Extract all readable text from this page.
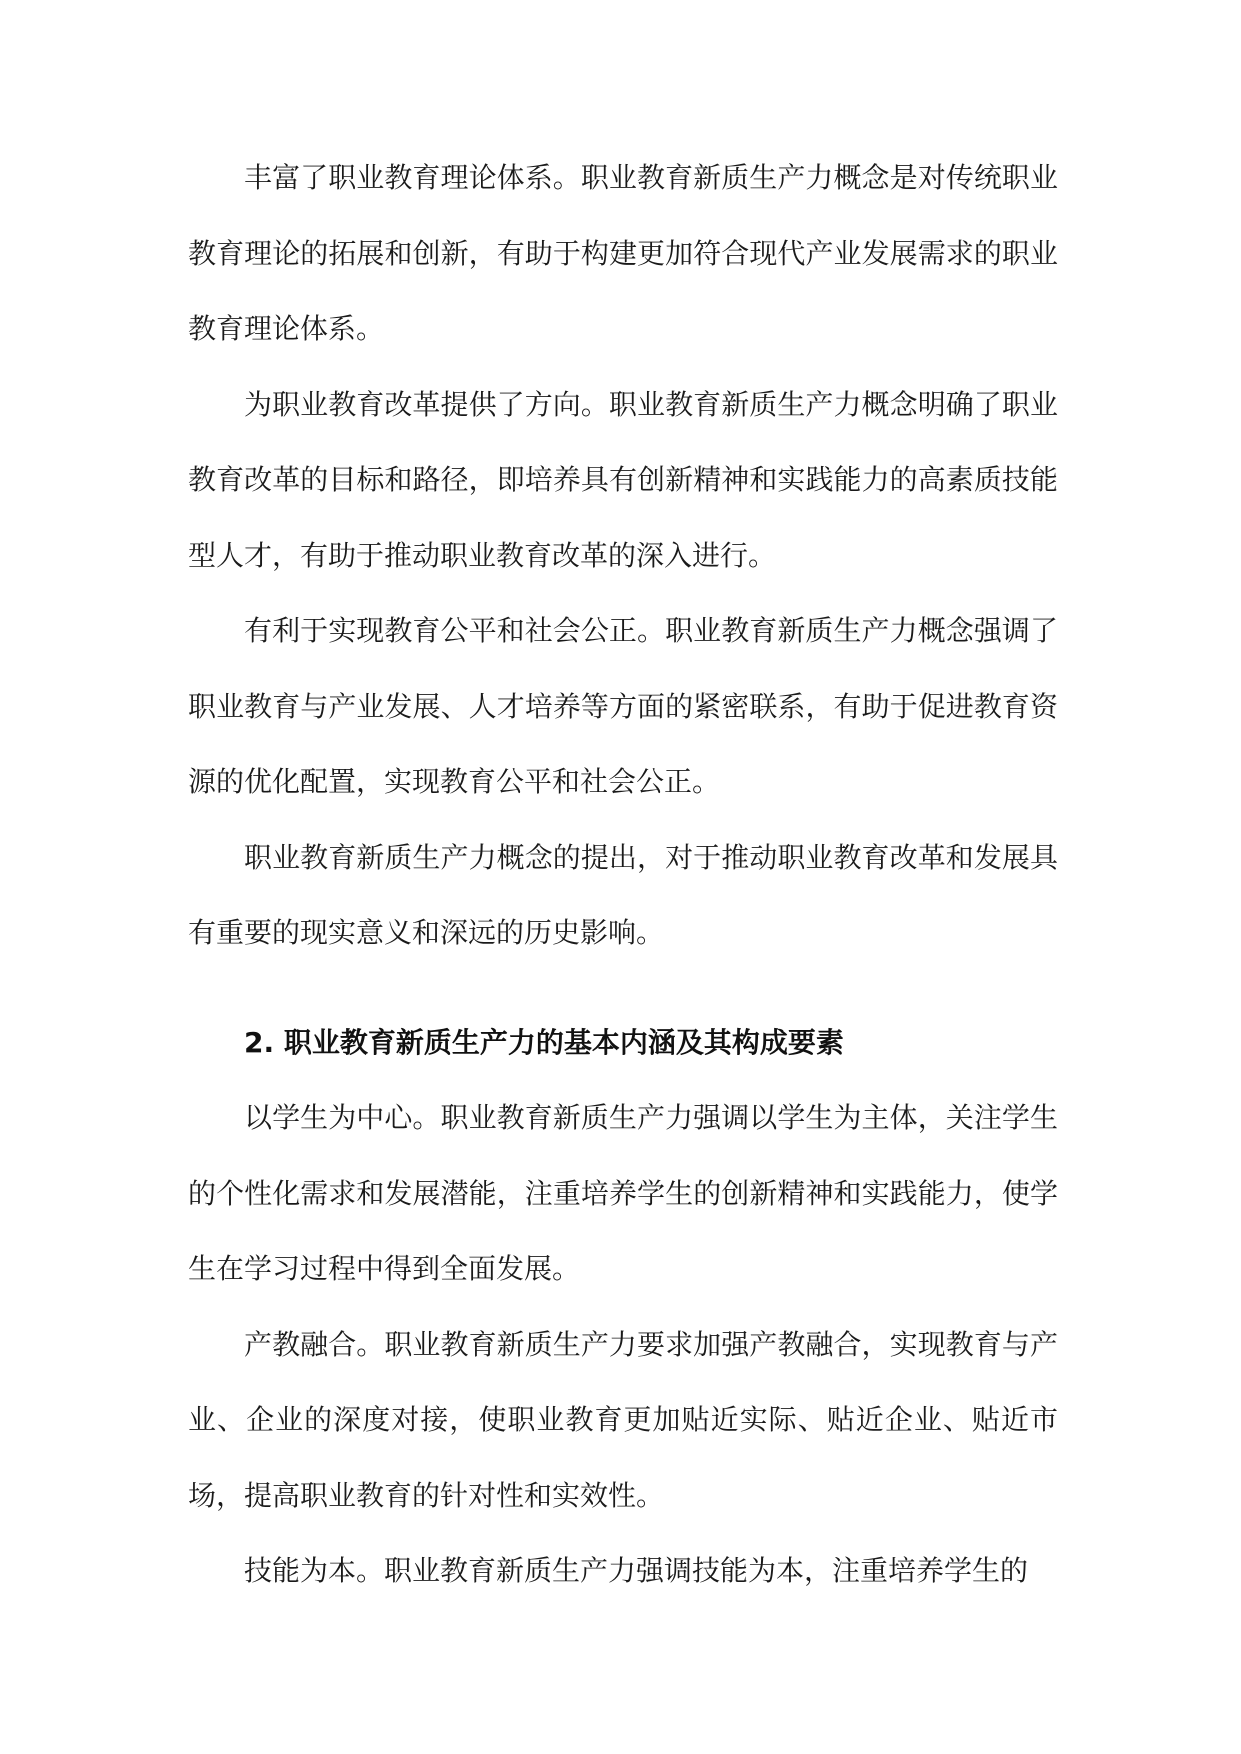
丰富了职业教育理论体系。职业教育新质生产力概念是对传统职业教育理论的拓展和创新，有助于构建更加符合现代产业发展需求的职业教育理论体系。

为职业教育改革提供了方向。职业教育新质生产力概念明确了职业教育改革的目标和路径，即培养具有创新精神和实践能力的高素质技能型人才，有助于推动职业教育改革的深入进行。

有利于实现教育公平和社会公正。职业教育新质生产力概念强调了职业教育与产业发展、人才培养等方面的紧密联系，有助于促进教育资源的优化配置，实现教育公平和社会公正。

职业教育新质生产力概念的提出，对于推动职业教育改革和发展具有重要的现实意义和深远的历史影响。

2. 职业教育新质生产力的基本内涵及其构成要素

以学生为中心。职业教育新质生产力强调以学生为主体，关注学生的个性化需求和发展潜能，注重培养学生的创新精神和实践能力，使学生在学习过程中得到全面发展。

产教融合。职业教育新质生产力要求加强产教融合，实现教育与产业、企业的深度对接，使职业教育更加贴近实际、贴近企业、贴近市场，提高职业教育的针对性和实效性。

技能为本。职业教育新质生产力强调技能为本，注重培养学生的
